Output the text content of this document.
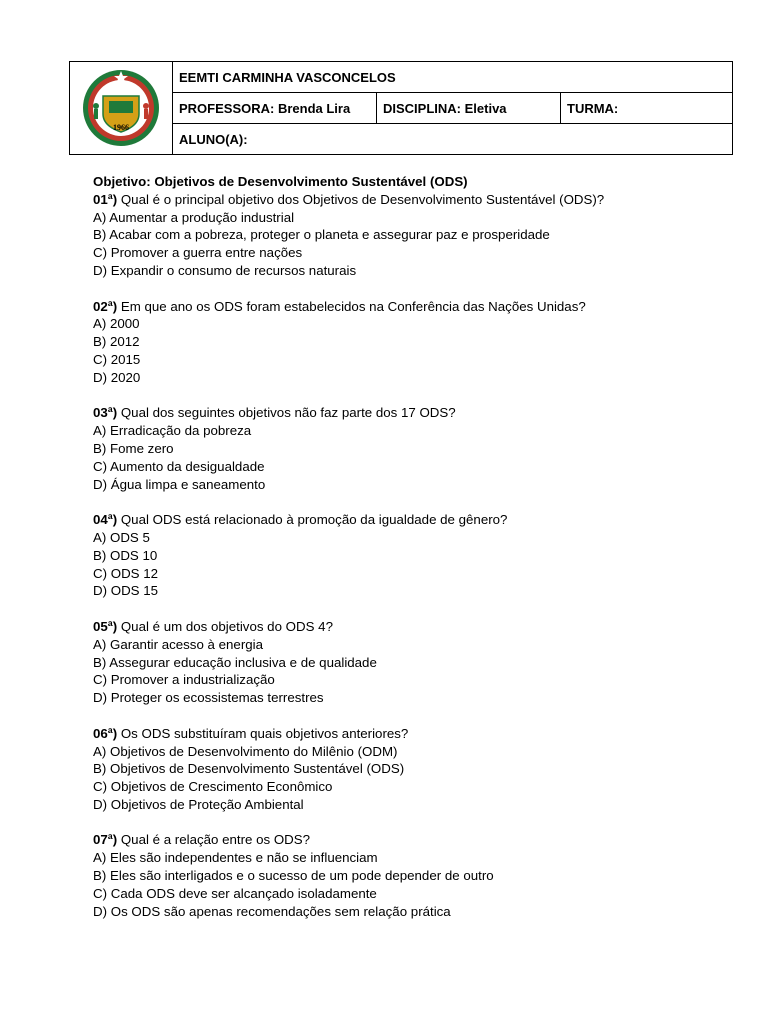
1966
EEMTI CARMINHA VASCONCELOS
PROFESSORA: Brenda Lira	DISCIPLINA: Eletiva	TURMA:
ALUNO(A):
Objetivo: Objetivos de Desenvolvimento Sustentável (ODS)
01ª) Qual é o principal objetivo dos Objetivos de Desenvolvimento Sustentável (ODS)?
A) Aumentar a produção industrial
B) Acabar com a pobreza, proteger o planeta e assegurar paz e prosperidade
C) Promover a guerra entre nações
D) Expandir o consumo de recursos naturais
02ª) Em que ano os ODS foram estabelecidos na Conferência das Nações Unidas?
A) 2000
B) 2012
C) 2015
D) 2020
03ª) Qual dos seguintes objetivos não faz parte dos 17 ODS?
A) Erradicação da pobreza
B) Fome zero
C) Aumento da desigualdade
D) Água limpa e saneamento
04ª) Qual ODS está relacionado à promoção da igualdade de gênero?
A) ODS 5
B) ODS 10
C) ODS 12
D) ODS 15
05ª) Qual é um dos objetivos do ODS 4?
A) Garantir acesso à energia
B) Assegurar educação inclusiva e de qualidade
C) Promover a industrialização
D) Proteger os ecossistemas terrestres
06ª) Os ODS substituíram quais objetivos anteriores?
A) Objetivos de Desenvolvimento do Milênio (ODM)
B) Objetivos de Desenvolvimento Sustentável (ODS)
C) Objetivos de Crescimento Econômico
D) Objetivos de Proteção Ambiental
07ª) Qual é a relação entre os ODS?
A) Eles são independentes e não se influenciam
B) Eles são interligados e o sucesso de um pode depender de outro
C) Cada ODS deve ser alcançado isoladamente
D) Os ODS são apenas recomendações sem relação prática
